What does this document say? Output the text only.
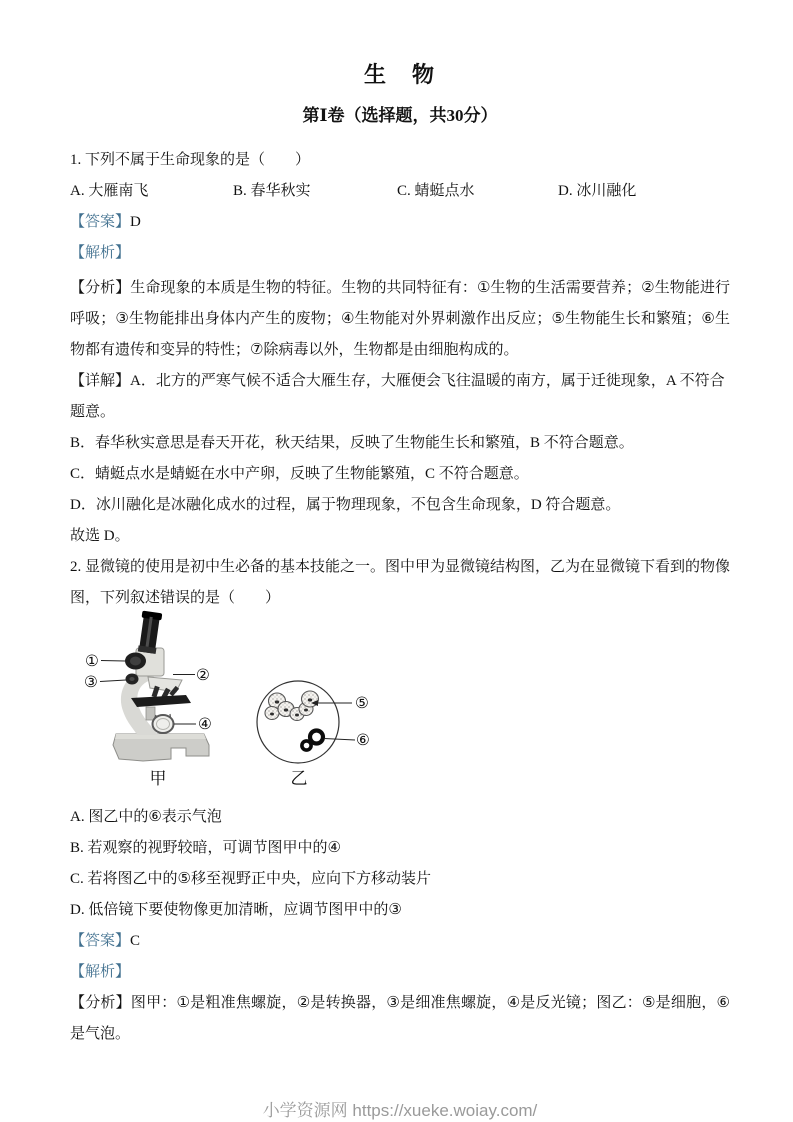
生　物
第Ⅰ卷（选择题，共30分）
1. 下列不属于生命现象的是（　　）
A. 大雁南飞	B. 春华秋实	C. 蜻蜓点水	D. 冰川融化
【答案】D
【解析】
【分析】生命现象的本质是生物的特征。生物的共同特征有：①生物的生活需要营养；②生物能进行呼吸；③生物能排出身体内产生的废物；④生物能对外界刺激作出反应；⑤生物能生长和繁殖；⑥生物都有遗传和变异的特性；⑦除病毒以外，生物都是由细胞构成的。
【详解】A．北方的严寒气候不适合大雁生存，大雁便会飞往温暖的南方，属于迁徙现象，A 不符合题意。
B．春华秋实意思是春天开花，秋天结果，反映了生物能生长和繁殖，B 不符合题意。
C．蜻蜓点水是蜻蜓在水中产卵，反映了生物能繁殖，C 不符合题意。
D．冰川融化是冰融化成水的过程，属于物理现象，不包含生命现象，D 符合题意。
故选 D。
2. 显微镜的使用是初中生必备的基本技能之一。图中甲为显微镜结构图，乙为在显微镜下看到的物像图，下列叙述错误的是（　　）
①
②
③
④
甲
⑤
⑥
乙
A. 图乙中的⑥表示气泡
B. 若观察的视野较暗，可调节图甲中的④
C. 若将图乙中的⑤移至视野正中央，应向下方移动装片
D. 低倍镜下要使物像更加清晰，应调节图甲中的③
【答案】C
【解析】
【分析】图甲：①是粗准焦螺旋，②是转换器，③是细准焦螺旋，④是反光镜；图乙：⑤是细胞，⑥是气泡。
小学资源网 https://xueke.woiay.com/
